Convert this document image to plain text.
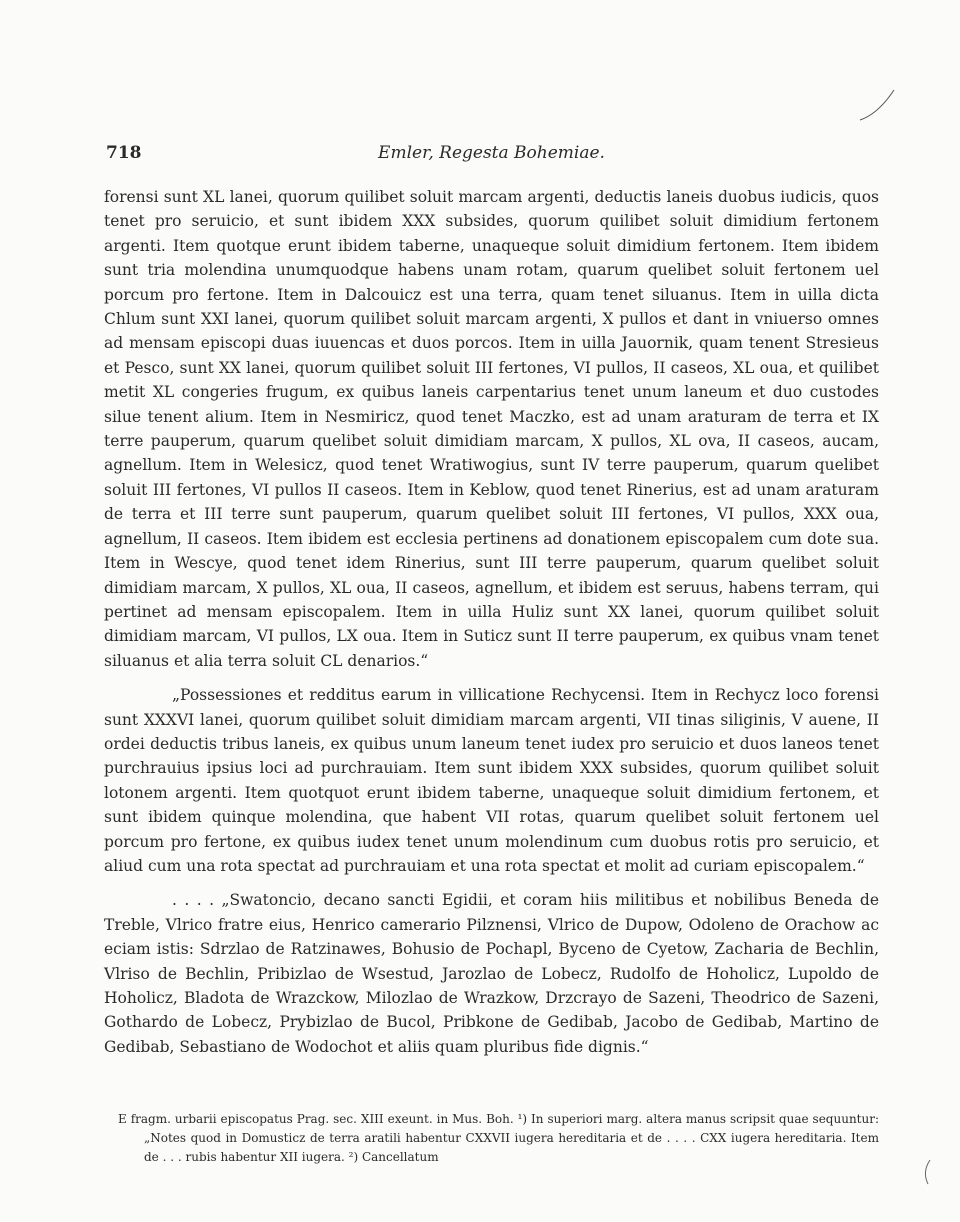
718	Emler, Regesta Bohemiae.

forensi sunt XL lanei, quorum quilibet soluit marcam argenti, deductis laneis duobus iudicis, quos tenet pro seruicio, et sunt ibidem XXX subsides, quorum quilibet soluit dimidium fertonem argenti. Item quotque erunt ibidem taberne, unaqueque soluit dimidium fertonem. Item ibidem sunt tria molendina unumquodque habens unam rotam, quarum quelibet soluit fertonem uel porcum pro fertone. Item in Dalcouicz est una terra, quam tenet siluanus. Item in uilla dicta Chlum sunt XXI lanei, quorum quilibet soluit marcam argenti, X pullos et dant in vniuerso omnes ad mensam episcopi duas iuuencas et duos porcos. Item in uilla Jauornik, quam tenent Stresieus et Pesco, sunt XX lanei, quorum quilibet soluit III fertones, VI pullos, II caseos, XL oua, et quilibet metit XL congeries frugum, ex quibus laneis carpentarius tenet unum laneum et duo custodes silue tenent alium. Item in Nesmiricz, quod tenet Maczko, est ad unam araturam de terra et IX terre pauperum, quarum quelibet soluit dimidiam marcam, X pullos, XL ova, II caseos, aucam, agnellum. Item in Welesicz, quod tenet Wratiwogius, sunt IV terre pauperum, quarum quelibet soluit III fertones, VI pullos II caseos. Item in Keblow, quod tenet Rinerius, est ad unam araturam de terra et III terre sunt pauperum, quarum quelibet soluit III fertones, VI pullos, XXX oua, agnellum, II caseos. Item ibidem est ecclesia pertinens ad donationem episcopalem cum dote sua. Item in Wescye, quod tenet idem Rinerius, sunt III terre pauperum, quarum quelibet soluit dimidiam marcam, X pullos, XL oua, II caseos, agnellum, et ibidem est seruus, habens terram, qui pertinet ad mensam episcopalem. Item in uilla Huliz sunt XX lanei, quorum quilibet soluit dimidiam marcam, VI pullos, LX oua. Item in Suticz sunt II terre pauperum, ex quibus vnam tenet siluanus et alia terra soluit CL denarios.“

„Possessiones et redditus earum in villicatione Rechycensi. Item in Rechycz loco forensi sunt XXXVI lanei, quorum quilibet soluit dimidiam marcam argenti, VII tinas siliginis, V auene, II ordei deductis tribus laneis, ex quibus unum laneum tenet iudex pro seruicio et duos laneos tenet purchrauius ipsius loci ad purchrauiam. Item sunt ibidem XXX subsides, quorum quilibet soluit lotonem argenti. Item quotquot erunt ibidem taberne, unaqueque soluit dimidium fertonem, et sunt ibidem quinque molendina, que habent VII rotas, quarum quelibet soluit fertonem uel porcum pro fertone, ex quibus iudex tenet unum molendinum cum duobus rotis pro seruicio, et aliud cum una rota spectat ad purchrauiam et una rota spectat et molit ad curiam episcopalem.“

. . . . „Swatoncio, decano sancti Egidii, et coram hiis militibus et nobilibus Beneda de Treble, Vlrico fratre eius, Henrico camerario Pilznensi, Vlrico de Dupow, Odoleno de Orachow ac eciam istis: Sdrzlao de Ratzinawes, Bohusio de Pochapl, Byceno de Cyetow, Zacharia de Bechlin, Vlriso de Bechlin, Pribizlao de Wsestud, Jarozlao de Lobecz, Rudolfo de Hoholicz, Lupoldo de Hoholicz, Bladota de Wrazckow, Milozlao de Wrazkow, Drzcrayo de Sazeni, Theodrico de Sazeni, Gothardo de Lobecz, Prybizlao de Bucol, Pribkone de Gedibab, Jacobo de Gedibab, Martino de Gedibab, Sebastiano de Wodochot et aliis quam pluribus fide dignis.“

E fragm. urbarii episcopatus Prag. sec. XIII exeunt. in Mus. Boh. ¹) In superiori marg. altera manus scripsit quae sequuntur: „Notes quod in Domusticz de terra aratili habentur CXXVII iugera hereditaria et de . . . . CXX iugera hereditaria. Item de . . . rubis habentur XII iugera. ²) Cancellatum
